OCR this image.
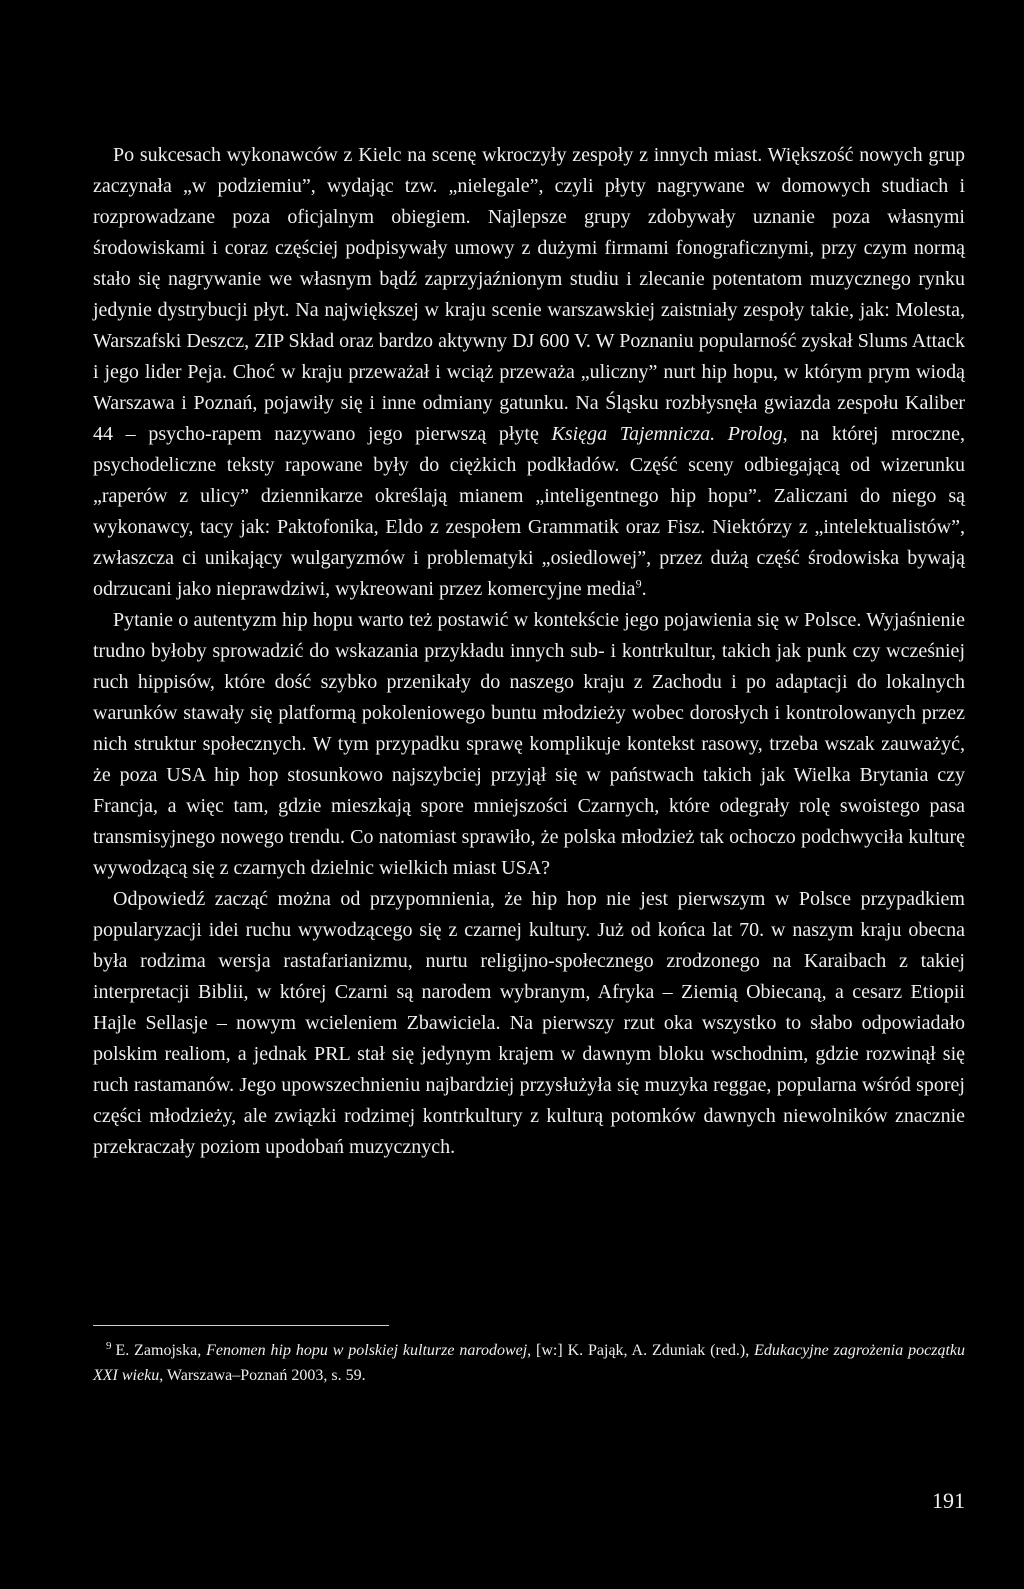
Po sukcesach wykonawców z Kielc na scenę wkroczyły zespoły z innych miast. Większość nowych grup zaczynała „w podziemiu”, wydając tzw. „nielegale”, czyli płyty nagrywane w domowych studiach i rozprowadzane poza oficjalnym obiegiem. Najlepsze grupy zdobywały uznanie poza własnymi środowiskami i coraz częściej podpisywały umowy z dużymi firmami fonograficznymi, przy czym normą stało się nagrywanie we własnym bądź zaprzyjaźnionym studiu i zlecanie potentatom muzycznego rynku jedynie dystrybucji płyt. Na największej w kraju scenie warszawskiej zaistniały zespoły takie, jak: Molesta, Warszafski Deszcz, ZIP Skład oraz bardzo aktywny DJ 600 V. W Poznaniu popularność zyskał Slums Attack i jego lider Peja. Choć w kraju przeważał i wciąż przeważa „uliczny” nurt hip hopu, w którym prym wiodą Warszawa i Poznań, pojawiły się i inne odmiany gatunku. Na Śląsku rozbłysnęła gwiazda zespołu Kaliber 44 – psycho-rapem nazywano jego pierwszą płytę Księga Tajemnicza. Prolog, na której mroczne, psychodeliczne teksty rapowane były do ciężkich podkładów. Część sceny odbiegającą od wizerunku „raperów z ulicy” dziennikarze określają mianem „inteligentnego hip hopu”. Zaliczani do niego są wykonawcy, tacy jak: Paktofonika, Eldo z zespołem Grammatik oraz Fisz. Niektórzy z „intelektualistów”, zwłaszcza ci unikający wulgaryzmów i problematyki „osiedlowej”, przez dużą część środowiska bywają odrzucani jako nieprawdziwi, wykreowani przez komercyjne media$^9$.

Pytanie o autentyzm hip hopu warto też postawić w kontekście jego pojawienia się w Polsce. Wyjaśnienie trudno byłoby sprowadzić do wskazania przykładu innych sub- i kontrkultur, takich jak punk czy wcześniej ruch hippisów, które dość szybko przenikały do naszego kraju z Zachodu i po adaptacji do lokalnych warunków stawały się platformą pokoleniowego buntu młodzieży wobec dorosłych i kontrolowanych przez nich struktur społecznych. W tym przypadku sprawę komplikuje kontekst rasowy, trzeba wszak zauważyć, że poza USA hip hop stosunkowo najszybciej przyjął się w państwach takich jak Wielka Brytania czy Francja, a więc tam, gdzie mieszkają spore mniejszości Czarnych, które odegrały rolę swoistego pasa transmisyjnego nowego trendu. Co natomiast sprawiło, że polska młodzież tak ochoczo podchwyciła kulturę wywodzącą się z czarnych dzielnic wielkich miast USA?

Odpowiedź zacząć można od przypomnienia, że hip hop nie jest pierwszym w Polsce przypadkiem popularyzacji idei ruchu wywodzącego się z czarnej kultury. Już od końca lat 70. w naszym kraju obecna była rodzima wersja rastafarianizmu, nurtu religijno-społecznego zrodzonego na Karaibach z takiej interpretacji Biblii, w której Czarni są narodem wybranym, Afryka – Ziemią Obiecaną, a cesarz Etiopii Hajle Sellasje – nowym wcieleniem Zbawiciela. Na pierwszy rzut oka wszystko to słabo odpowiadało polskim realiom, a jednak PRL stał się jedynym krajem w dawnym bloku wschodnim, gdzie rozwinął się ruch rastamanów. Jego upowszechnieniu najbardziej przysłużyła się muzyka reggae, popularna wśród sporej części młodzieży, ale związki rodzimej kontrkultury z kulturą potomków dawnych niewolników znacznie przekraczały poziom upodobań muzycznych.

$^9$ E. Zamojska, Fenomen hip hopu w polskiej kulturze narodowej, [w:] K. Pająk, A. Zduniak (red.), Edukacyjne zagrożenia początku XXI wieku, Warszawa–Poznań 2003, s. 59.
191
